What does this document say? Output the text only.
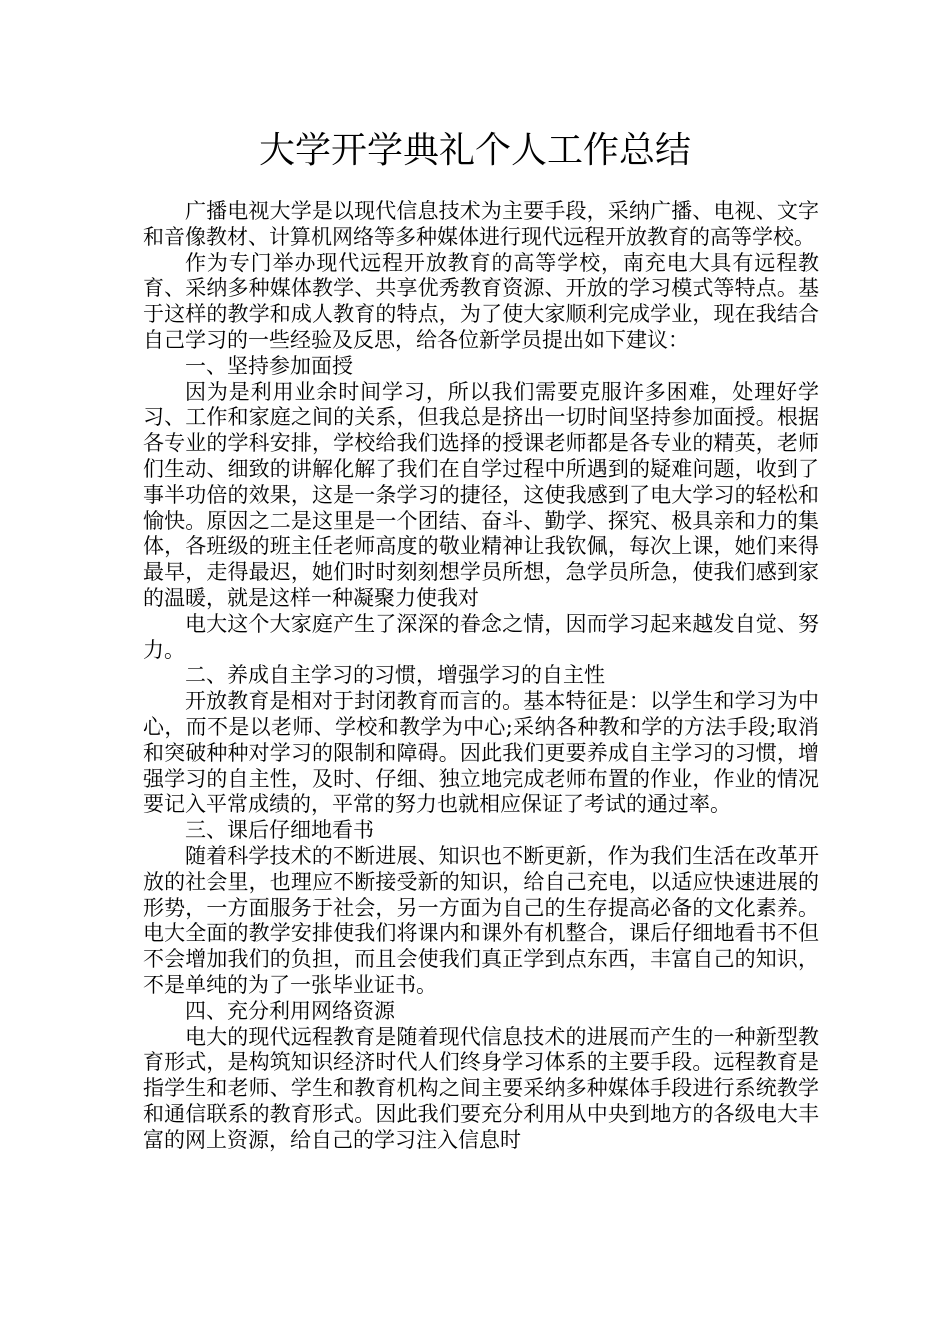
大学开学典礼个人工作总结

广播电视大学是以现代信息技术为主要手段，采纳广播、电视、文字和音像教材、计算机网络等多种媒体进行现代远程开放教育的高等学校。

作为专门举办现代远程开放教育的高等学校，南充电大具有远程教育、采纳多种媒体教学、共享优秀教育资源、开放的学习模式等特点。基于这样的教学和成人教育的特点，为了使大家顺利完成学业，现在我结合自己学习的一些经验及反思，给各位新学员提出如下建议：

一、坚持参加面授

因为是利用业余时间学习，所以我们需要克服许多困难，处理好学习、工作和家庭之间的关系，但我总是挤出一切时间坚持参加面授。根据各专业的学科安排，学校给我们选择的授课老师都是各专业的精英，老师们生动、细致的讲解化解了我们在自学过程中所遇到的疑难问题，收到了事半功倍的效果，这是一条学习的捷径，这使我感到了电大学习的轻松和愉快。原因之二是这里是一个团结、奋斗、勤学、探究、极具亲和力的集体，各班级的班主任老师高度的敬业精神让我钦佩，每次上课，她们来得最早，走得最迟，她们时时刻刻想学员所想，急学员所急，使我们感到家的温暖，就是这样一种凝聚力使我对

电大这个大家庭产生了深深的眷念之情，因而学习起来越发自觉、努力。

二、养成自主学习的习惯，增强学习的自主性

开放教育是相对于封闭教育而言的。基本特征是：以学生和学习为中心，而不是以老师、学校和教学为中心;采纳各种教和学的方法手段;取消和突破种种对学习的限制和障碍。因此我们更要养成自主学习的习惯，增强学习的自主性，及时、仔细、独立地完成老师布置的作业，作业的情况要记入平常成绩的，平常的努力也就相应保证了考试的通过率。

三、课后仔细地看书

随着科学技术的不断进展、知识也不断更新，作为我们生活在改革开放的社会里，也理应不断接受新的知识，给自己充电，以适应快速进展的形势，一方面服务于社会，另一方面为自己的生存提高必备的文化素养。电大全面的教学安排使我们将课内和课外有机整合，课后仔细地看书不但不会增加我们的负担，而且会使我们真正学到点东西，丰富自己的知识，不是单纯的为了一张毕业证书。

四、充分利用网络资源

电大的现代远程教育是随着现代信息技术的进展而产生的一种新型教育形式，是构筑知识经济时代人们终身学习体系的主要手段。远程教育是指学生和老师、学生和教育机构之间主要采纳多种媒体手段进行系统教学和通信联系的教育形式。因此我们要充分利用从中央到地方的各级电大丰富的网上资源，给自己的学习注入信息时
